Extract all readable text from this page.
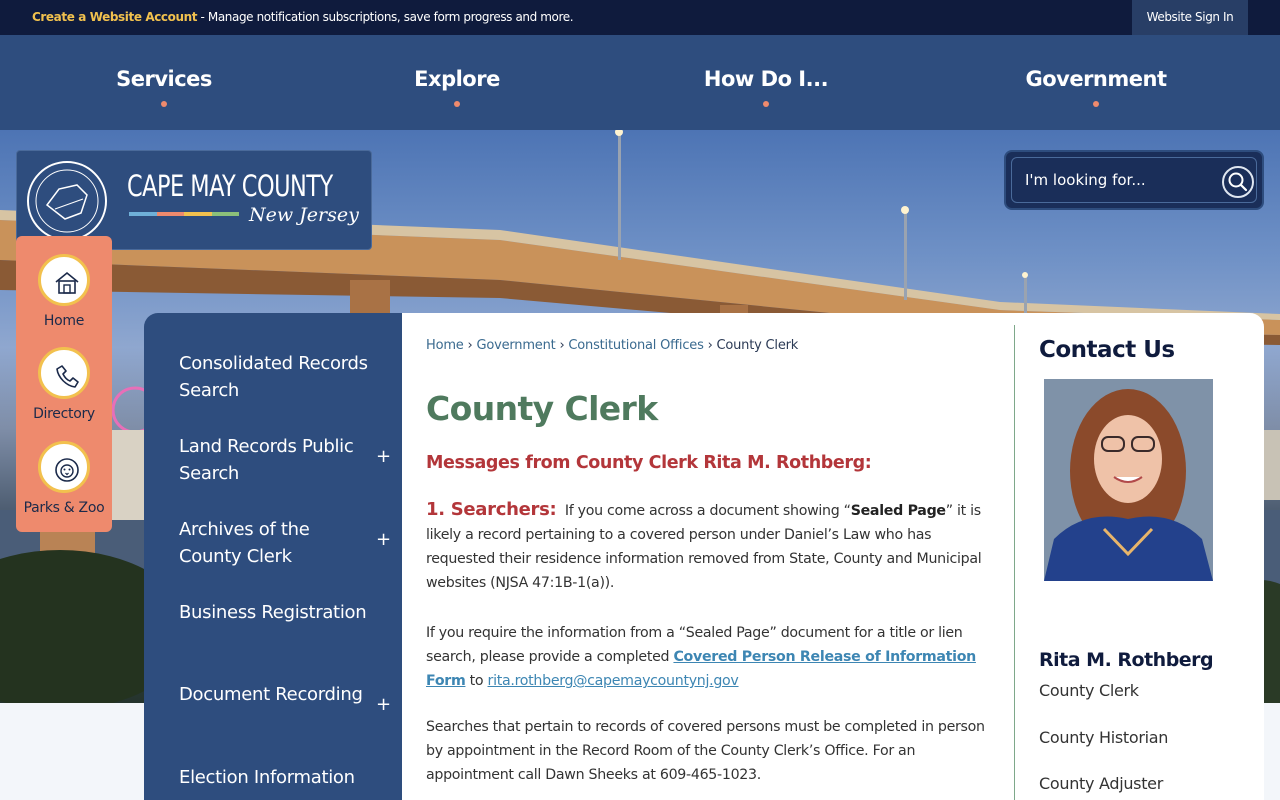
Create a Website Account - Manage notification subscriptions, save form progress and more.	Website Sign In
Services	Explore	How Do I...	Government
CAPE MAY COUNTY
New Jersey
I'm looking for...
Home
Directory
Parks & Zoo
Consolidated Records Search
Land Records Public Search
+
Archives of the County Clerk
+
Business Registration
Document Recording +
Election Information
Home › Government › Constitutional Offices › County Clerk
County Clerk
Messages from County Clerk Rita M. Rothberg:

1. Searchers: If you come across a document showing “Sealed Page” it is likely a record pertaining to a covered person under Daniel’s Law who has requested their residence information removed from State, County and Municipal websites (NJSA 47:1B-1(a)).

If you require the information from a “Sealed Page” document for a title or lien search, please provide a completed Covered Person Release of Information Form to rita.rothberg@capemaycountynj.gov

Searches that pertain to records of covered persons must be completed in person by appointment in the Record Room of the County Clerk’s Office. For an appointment call Dawn Sheeks at 609-465-1023.

Contact Us
Rita M. Rothberg
County Clerk
County Historian
County Adjuster
